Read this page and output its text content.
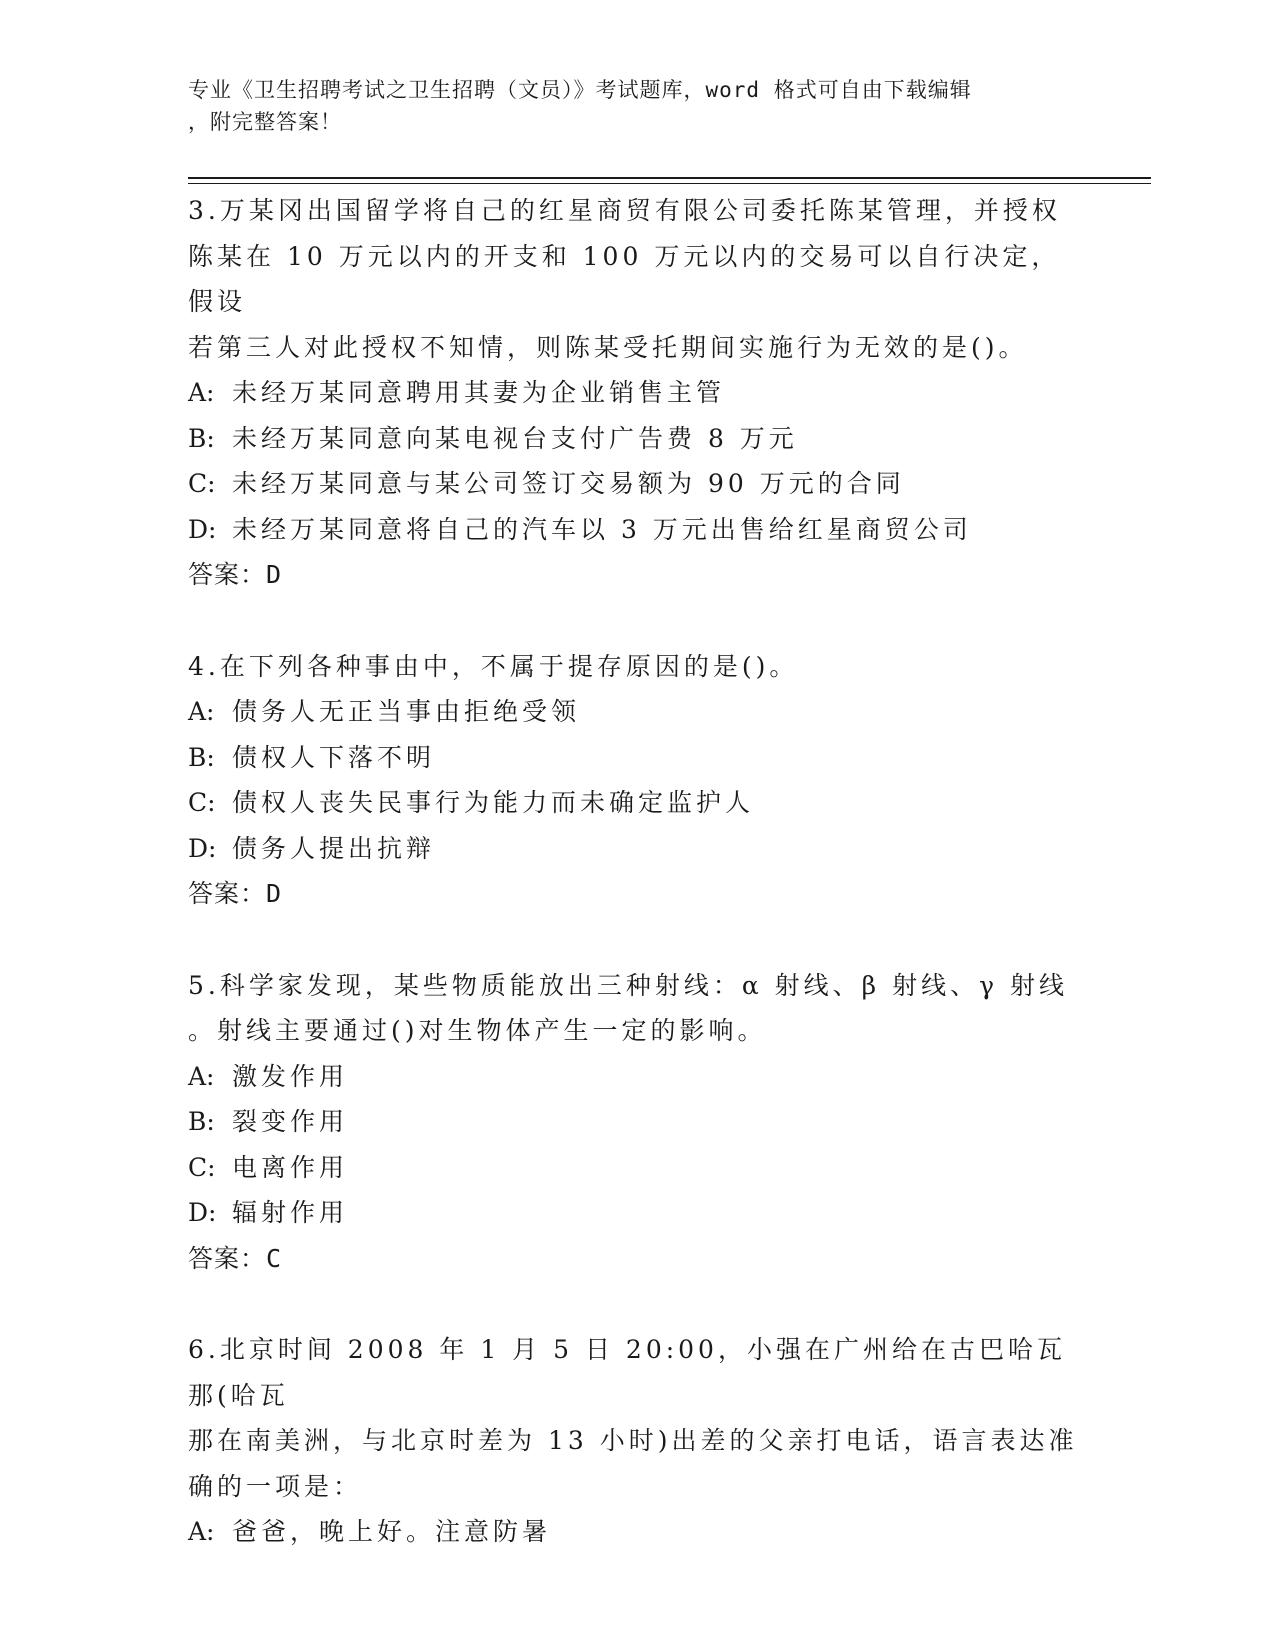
专业《卫生招聘考试之卫生招聘（文员）》考试题库，word 格式可自由下载编辑
，附完整答案！

3.万某冈出国留学将自己的红星商贸有限公司委托陈某管理，并授权

陈某在 10 万元以内的开支和 100 万元以内的交易可以自行决定，假设

若第三人对此授权不知情，则陈某受托期间实施行为无效的是()。

A: 未经万某同意聘用其妻为企业销售主管

B: 未经万某同意向某电视台支付广告费 8 万元

C: 未经万某同意与某公司签订交易额为 90 万元的合同

D: 未经万某同意将自己的汽车以 3 万元出售给红星商贸公司

答案：D

4.在下列各种事由中，不属于提存原因的是()。

A: 债务人无正当事由拒绝受领

B: 债权人下落不明

C: 债权人丧失民事行为能力而未确定监护人

D: 债务人提出抗辩

答案：D

5.科学家发现，某些物质能放出三种射线：α 射线、β 射线、γ 射线

。射线主要通过()对生物体产生一定的影响。

A: 激发作用

B: 裂变作用

C: 电离作用

D: 辐射作用

答案：C

6.北京时间 2008 年 1 月 5 日 20:00，小强在广州给在古巴哈瓦那(哈瓦

那在南美洲，与北京时差为 13 小时)出差的父亲打电话，语言表达准

确的一项是：

A: 爸爸，晚上好。注意防暑
